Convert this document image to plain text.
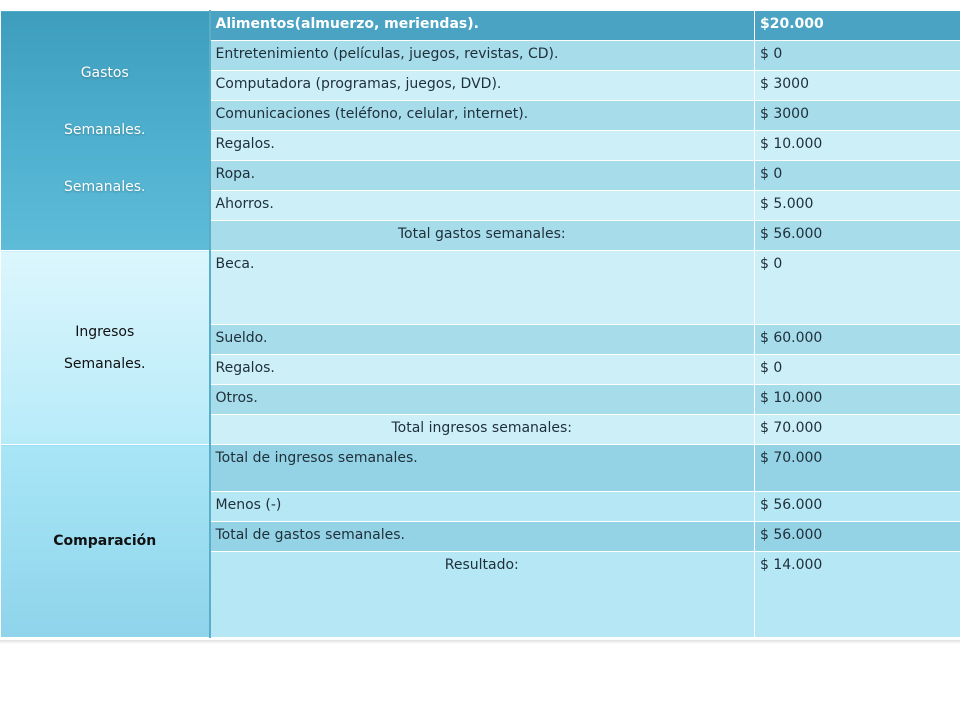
Gastos
Semanales.
Semanales.	Alimentos(almuerzo, meriendas).	$20.000
	Entretenimiento (películas, juegos, revistas, CD).	$ 0
	Computadora (programas, juegos, DVD).	$ 3000
	Comunicaciones (teléfono, celular, internet).	$ 3000
	Regalos.	$ 10.000
	Ropa.	$ 0
	Ahorros.	$ 5.000
	Total gastos semanales:	$ 56.000

Ingresos
Semanales.	Beca.	$ 0
	Sueldo.	$ 60.000
	Regalos.	$ 0
	Otros.	$ 10.000
	Total ingresos semanales:	$ 70.000
Comparación	Total de ingresos semanales.	$ 70.000
	Menos (-)	$ 56.000
	Total de gastos semanales.	$ 56.000
	Resultado:	$ 14.000
